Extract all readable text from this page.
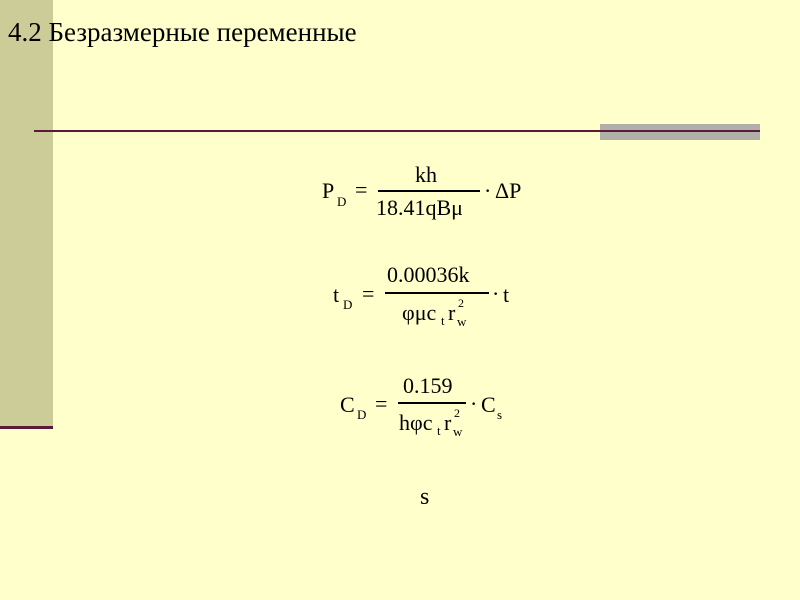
4.2 Безразмерные переменные
P D =
kh
18.41qBμ
· ΔP
t D =
0.00036k
φμc t r 2
w
· t
C D =
0.159
hφc t r 2
w
· C s
s
